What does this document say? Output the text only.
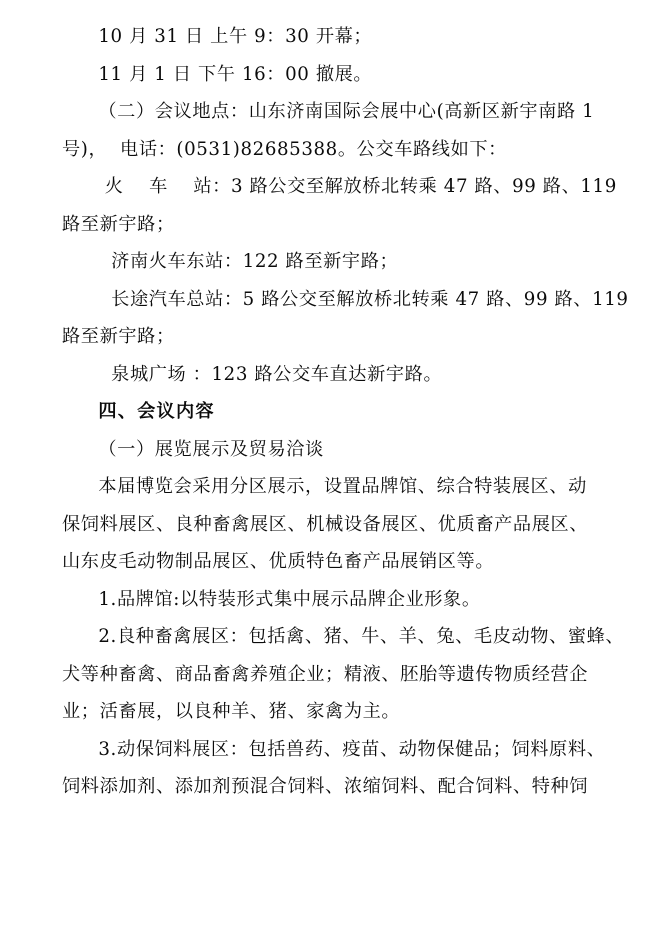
10 月 31 日 上午 9：30 开幕；
11 月 1 日 下午 16：00 撤展。
（二）会议地点：山东济南国际会展中心(高新区新宇南路 1
号)，  电话：(0531)82685388。公交车路线如下：
火    车    站：3 路公交至解放桥北转乘 47 路、99 路、119
路至新宇路；
济南火车东站：122 路至新宇路；
长途汽车总站：5 路公交至解放桥北转乘 47 路、99 路、119
路至新宇路；
泉城广场 ：123 路公交车直达新宇路。
四、会议内容
（一）展览展示及贸易洽谈
本届博览会采用分区展示，设置品牌馆、综合特装展区、动
保饲料展区、良种畜禽展区、机械设备展区、优质畜产品展区、
山东皮毛动物制品展区、优质特色畜产品展销区等。
1.品牌馆:以特装形式集中展示品牌企业形象。
2.良种畜禽展区：包括禽、猪、牛、羊、兔、毛皮动物、蜜蜂、
犬等种畜禽、商品畜禽养殖企业；精液、胚胎等遗传物质经营企
业；活畜展，以良种羊、猪、家禽为主。
3.动保饲料展区：包括兽药、疫苗、动物保健品；饲料原料、
饲料添加剂、添加剂预混合饲料、浓缩饲料、配合饲料、特种饲
